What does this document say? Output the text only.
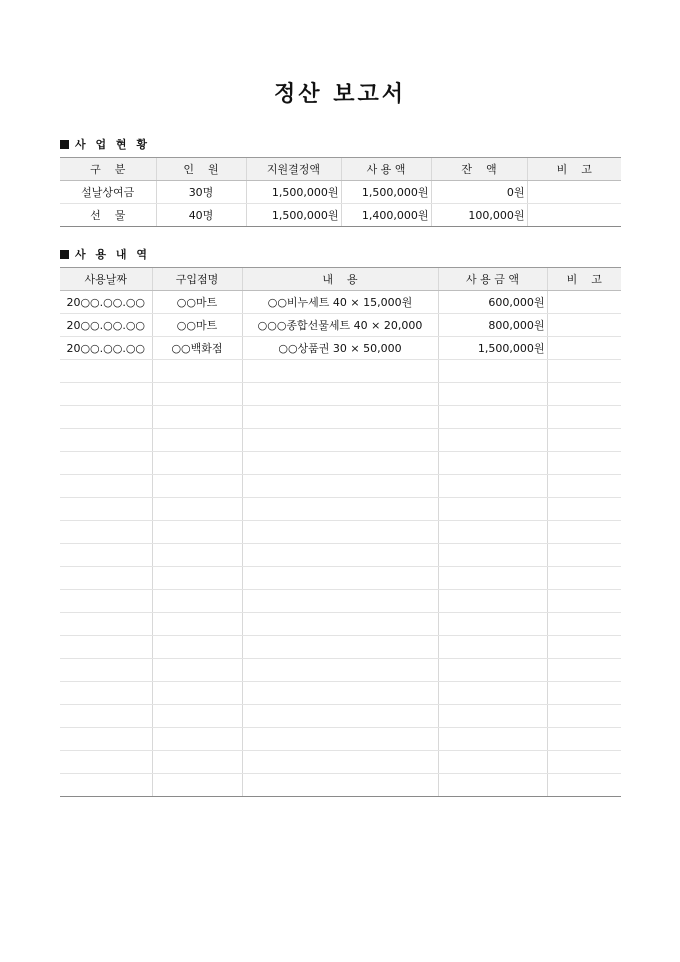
정산 보고서
사 업 현 황
구    분	인    원	지원결정액	사 용 액	잔    액	비    고
설날상여금	30명	1,500,000원	1,500,000원	0원	
선    물	40명	1,500,000원	1,400,000원	100,000원	
사 용 내 역
사용날짜	구입점명	내    용	사 용 금 액	비    고
20○○.○○.○○	○○마트	○○비누세트 40 × 15,000원	600,000원	
20○○.○○.○○	○○마트	○○○종합선물세트 40 × 20,000	800,000원	
20○○.○○.○○	○○백화점	○○상품권 30 × 50,000	1,500,000원	
